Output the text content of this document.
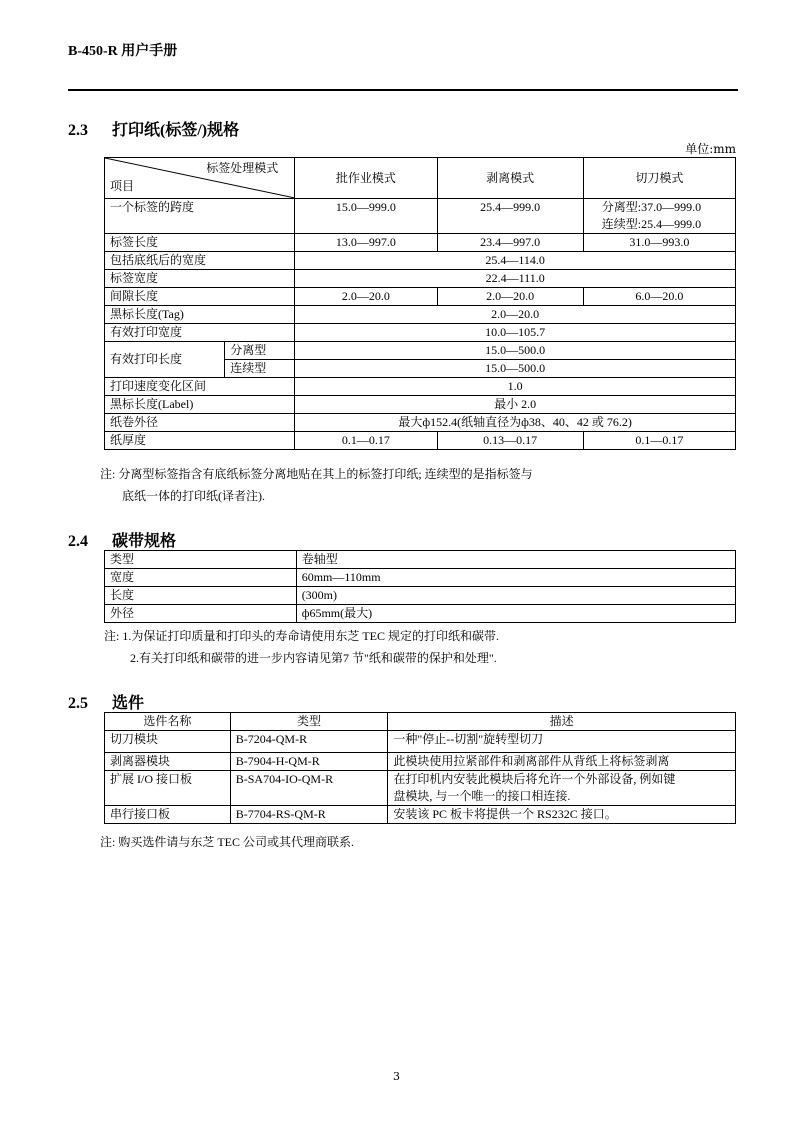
B-450-R 用户手册
2.3 打印纸(标签/)规格
单位:mm
标签处理模式
项目		批作业模式	剥离模式	切刀模式
一个标签的跨度		15.0—999.0	25.4—999.0	分离型:37.0—999.0
连续型:25.4—999.0

标签长度		13.0—997.0	23.4—997.0	31.0—993.0
包括底纸后的宽度		25.4—114.0		
标签宽度		22.4—111.0		
间隙长度		2.0—20.0	2.0—20.0	6.0—20.0
黑标长度(Tag)		2.0—20.0		
有效打印宽度		10.0—105.7		
有效打印长度	分离型	15.0—500.0		
	连续型	15.0—500.0		
打印速度变化区间		1.0		
黑标长度(Label)		最小 2.0		
纸卷外径		最大ф152.4(纸轴直径为ф38、40、42 或 76.2)		
纸厚度		0.1—0.17	0.13—0.17	0.1—0.17
注: 分离型标签指含有底纸标签分离地贴在其上的标签打印纸; 连续型的是指标签与
底纸一体的打印纸(译者注).
2.4 碳带规格
类型	卷轴型
宽度	60mm—110mm
长度	(300m)
外径	ф65mm(最大)
注: 1.为保证打印质量和打印头的寿命请使用东芝 TEC 规定的打印纸和碳带.
2.有关打印纸和碳带的进一步内容请见第7 节"纸和碳带的保护和处理".
2.5 选件
选件名称	类型	描述
切刀模块	B-7204-QM-R	一种"停止--切割"旋转型切刀
剥离器模块	B-7904-H-QM-R	此模块使用拉紧部件和剥离部件从背纸上将标签剥离
扩展 I/O 接口板	B-SA704-IO-QM-R	在打印机内安装此模块后将允许一个外部设备, 例如键
盘模块, 与一个唯一的接口相连接.

串行接口板	B-7704-RS-QM-R	安装该 PC 板卡将提供一个 RS232C 接口。
注: 购买选件请与东芝 TEC 公司或其代理商联系.
3
